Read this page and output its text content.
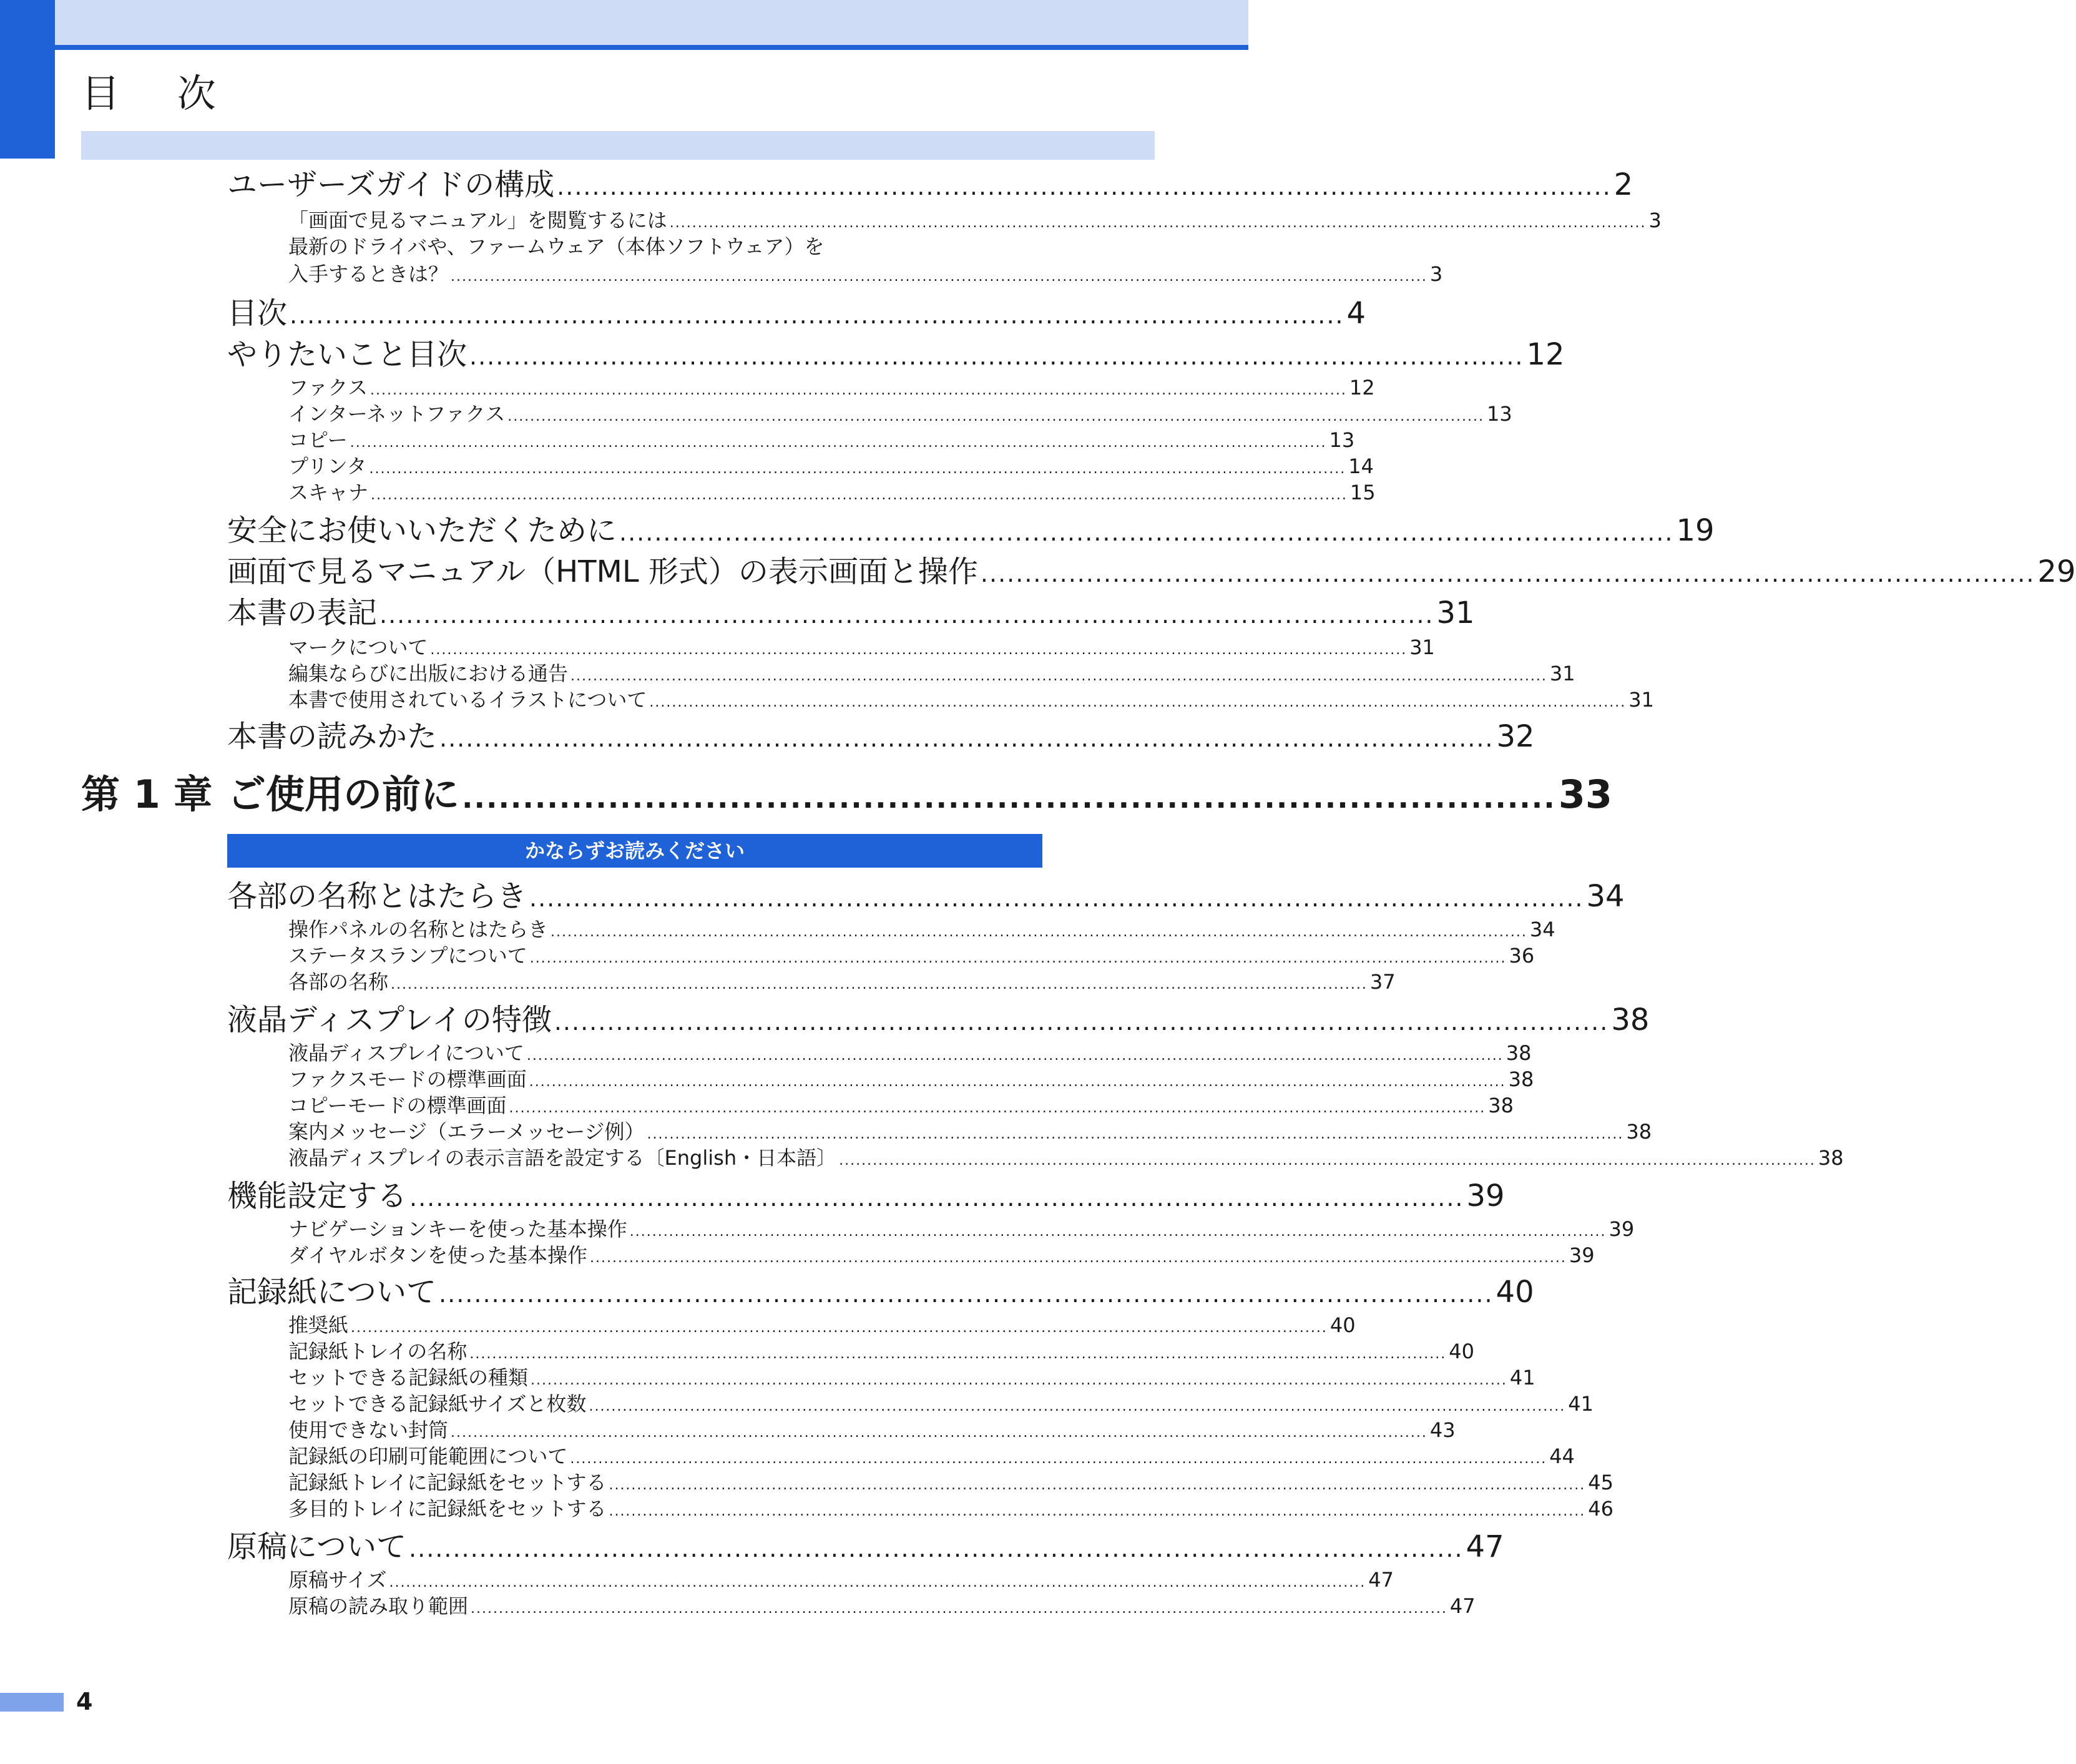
目 次
ユーザーズガイドの構成 ........................................................................................................................ 2
「画面で見るマニュアル」を閲覧するには .............................................................................................................................................................................. 3
最新のドライバや、ファームウェア（本体ソフトウェア）を
入手するときは？ .............................................................................................................................................................................. 3
目次 ........................................................................................................................ 4
やりたいこと目次 ........................................................................................................................ 12
ファクス .............................................................................................................................................................................. 12
インターネットファクス .............................................................................................................................................................................. 13
コピー .............................................................................................................................................................................. 13
プリンタ .............................................................................................................................................................................. 14
スキャナ .............................................................................................................................................................................. 15
安全にお使いいただくために ........................................................................................................................ 19
画面で見るマニュアル（HTML 形式）の表示画面と操作 ........................................................................................................................ 29
本書の表記 ........................................................................................................................ 31
マークについて .............................................................................................................................................................................. 31
編集ならびに出版における通告 .............................................................................................................................................................................. 31
本書で使用されているイラストについて .............................................................................................................................................................................. 31
本書の読みかた ........................................................................................................................ 32
第 1 章 ご使用の前に .......................................................................................... 33
かならずお読みください
各部の名称とはたらき ........................................................................................................................ 34
操作パネルの名称とはたらき .............................................................................................................................................................................. 34
ステータスランプについて .............................................................................................................................................................................. 36
各部の名称 .............................................................................................................................................................................. 37
液晶ディスプレイの特徴 ........................................................................................................................ 38
液晶ディスプレイについて .............................................................................................................................................................................. 38
ファクスモードの標準画面 .............................................................................................................................................................................. 38
コピーモードの標準画面 .............................................................................................................................................................................. 38
案内メッセージ（エラーメッセージ例） .............................................................................................................................................................................. 38
液晶ディスプレイの表示言語を設定する〔English・日本語〕 .............................................................................................................................................................................. 38
機能設定する ........................................................................................................................ 39
ナビゲーションキーを使った基本操作 .............................................................................................................................................................................. 39
ダイヤルボタンを使った基本操作 .............................................................................................................................................................................. 39
記録紙について ........................................................................................................................ 40
推奨紙 .............................................................................................................................................................................. 40
記録紙トレイの名称 .............................................................................................................................................................................. 40
セットできる記録紙の種類 .............................................................................................................................................................................. 41
セットできる記録紙サイズと枚数 .............................................................................................................................................................................. 41
使用できない封筒 .............................................................................................................................................................................. 43
記録紙の印刷可能範囲について .............................................................................................................................................................................. 44
記録紙トレイに記録紙をセットする .............................................................................................................................................................................. 45
多目的トレイに記録紙をセットする .............................................................................................................................................................................. 46
原稿について ........................................................................................................................ 47
原稿サイズ .............................................................................................................................................................................. 47
原稿の読み取り範囲 .............................................................................................................................................................................. 47
4
